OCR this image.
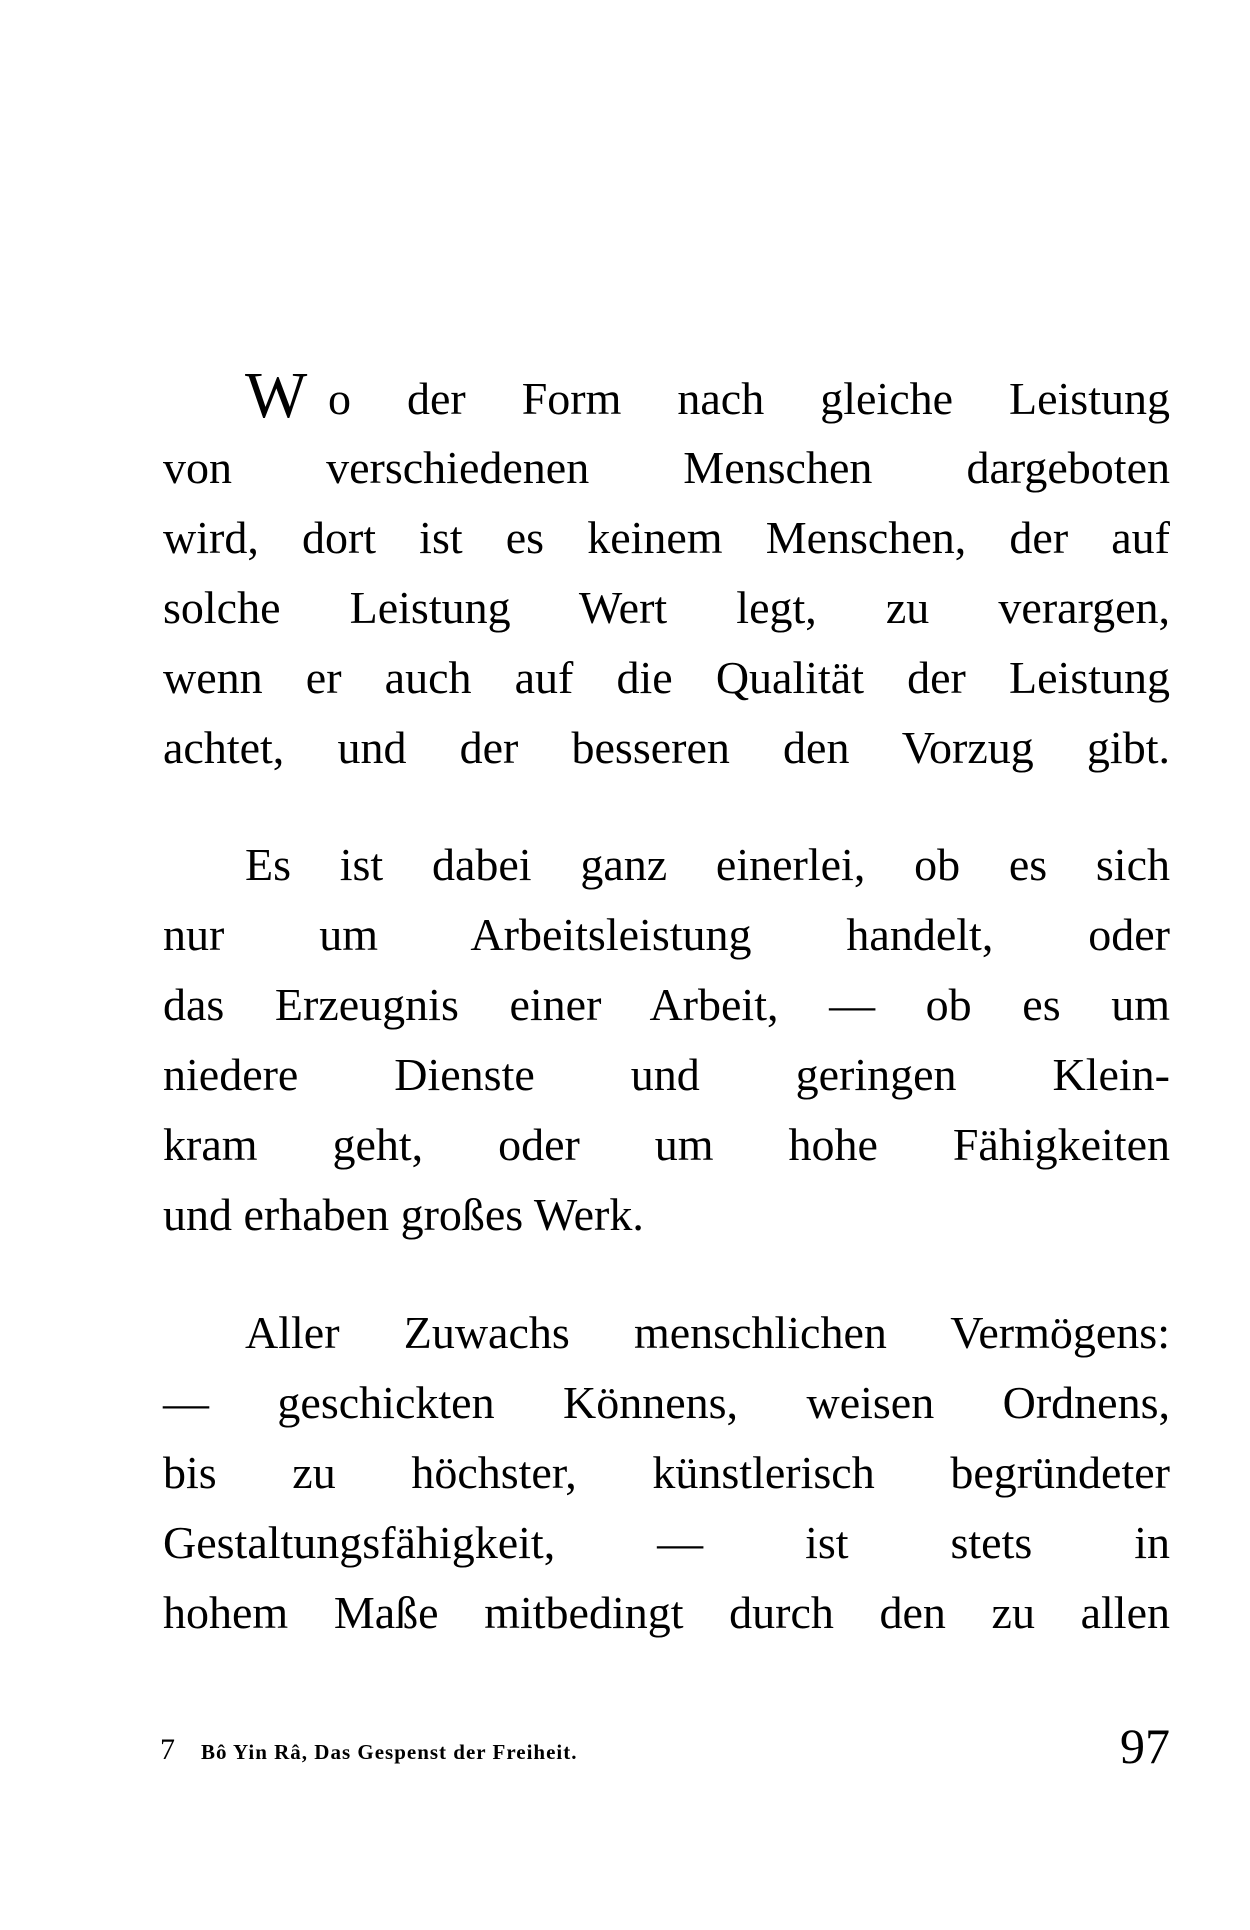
W o der Form nach gleiche Leistung
von verschiedenen Menschen dargeboten
wird, dort ist es keinem Menschen, der auf
solche Leistung Wert legt, zu verargen,
wenn er auch auf die Qualität der Leistung
achtet, und der besseren den Vorzug gibt.
Es ist dabei ganz einerlei, ob es sich
nur um Arbeitsleistung handelt, oder
das Erzeugnis einer Arbeit, — ob es um
niedere Dienste und geringen Klein-
kram geht, oder um hohe Fähigkeiten
und erhaben großes Werk.
Aller Zuwachs menschlichen Vermögens:
— geschickten Könnens, weisen Ordnens,
bis zu höchster, künstlerisch begründeter
Gestaltungsfähigkeit, — ist stets in
hohem Maße mitbedingt durch den zu allen
7 Bô Yin Râ, Das Gespenst der Freiheit.	97
